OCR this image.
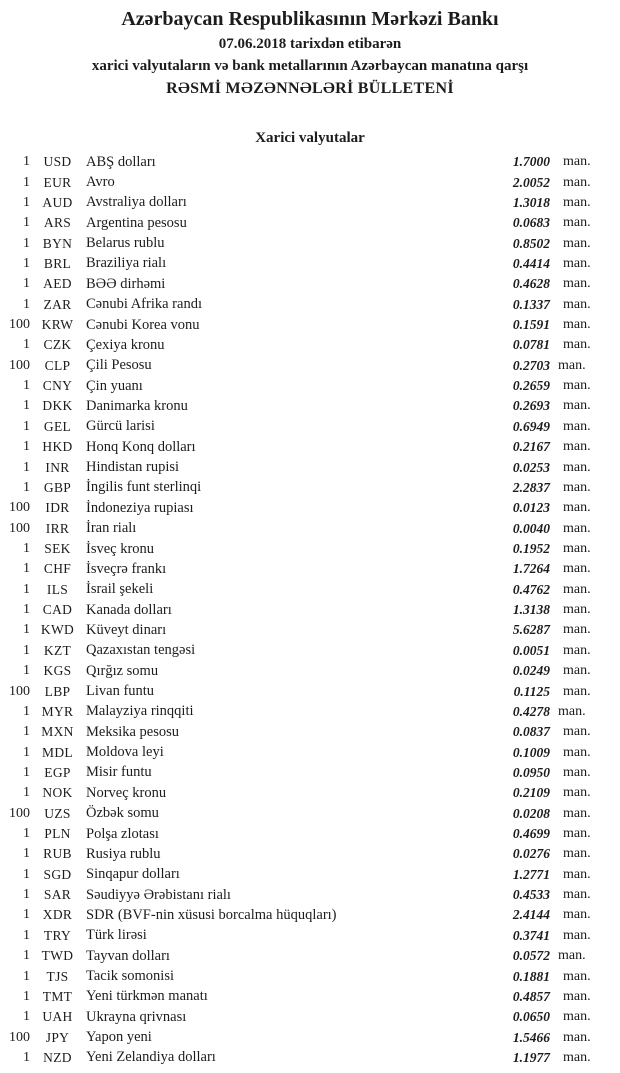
Azərbaycan Respublikasının Mərkəzi Bankı
07.06.2018 tarixdən etibarən
xarici valyutaların və bank metallarının Azərbaycan manatına qarşı
RƏSMİ MƏZƏNNƏLƏRİ BÜLLETENİ
Xarici valyutalar
1	USD	ABŞ dolları	1.7000 man.
1	EUR	Avro	2.0052 man.
1 AUD Avstraliya dolları	1.3018 man.
1	ARS	Argentina pesosu	0.0683 man.
1 BYN Belarus rublu	0.8502 man.
1	BRL	Braziliya rialı	0.4414 man.
1 AED BƏƏ dirhəmi	0.4628 man.
1	ZAR	Cənubi Afrika randı	0.1337 man.
100 KRW Cənubi Korea vonu	0.1591 man.
1	CZK	Çexiya kronu	0.0781 man.
100	CLP	Çili Pesosu	0.2703 man.
1 CNY Çin yuanı	0.2659 man.
1 DKK Danimarka kronu	0.2693 man.
1	GEL	Gürcü larisi	0.6949 man.
1 HKD Honq Konq dolları	0.2167 man.
1	INR	Hindistan rupisi	0.0253 man.
1	GBP	İngilis funt sterlinqi	2.2837 man.
100	IDR	İndoneziya rupiası	0.0123 man.
100	IRR	İran rialı	0.0040 man.
1	SEK	İsveç kronu	0.1952 man.
1	CHF	İsveçrə frankı	1.7264 man.
1	ILS	İsrail şekeli	0.4762 man.
1 CAD Kanada dolları	1.3138 man.
1 KWD Küveyt dinarı	5.6287 man.
1	KZT	Qazaxıstan tengəsi	0.0051 man.
1	KGS	Qırğız somu	0.0249 man.
100	LBP	Livan funtu	0.1125 man.
1 MYR Malayziya rinqqiti	0.4278 man.
1 MXN Meksika pesosu	0.0837 man.
1 MDL Moldova leyi	0.1009 man.
1	EGP	Misir funtu	0.0950 man.
1 NOK Norveç kronu	0.2109 man.
100	UZS	Özbək somu	0.0208 man.
1	PLN	Polşa zlotası	0.4699 man.
1 RUB Rusiya rublu	0.0276 man.
1	SGD	Sinqapur dolları	1.2771 man.
1	SAR	Səudiyyə Ərəbistanı rialı	0.4533 man.
1 XDR SDR (BVF-nin xüsusi borcalma hüquqları)	2.4144 man.
1	TRY	Türk lirəsi	0.3741 man.
1 TWD Tayvan dolları	0.0572 man.
1	TJS	Tacik somonisi	0.1881 man.
1 TMT Yeni türkmən manatı	0.4857 man.
1 UAH Ukrayna qrivnası	0.0650 man.
100	JPY	Yapon yeni	1.5466 man.
1 NZD Yeni Zelandiya dolları	1.1977 man.
